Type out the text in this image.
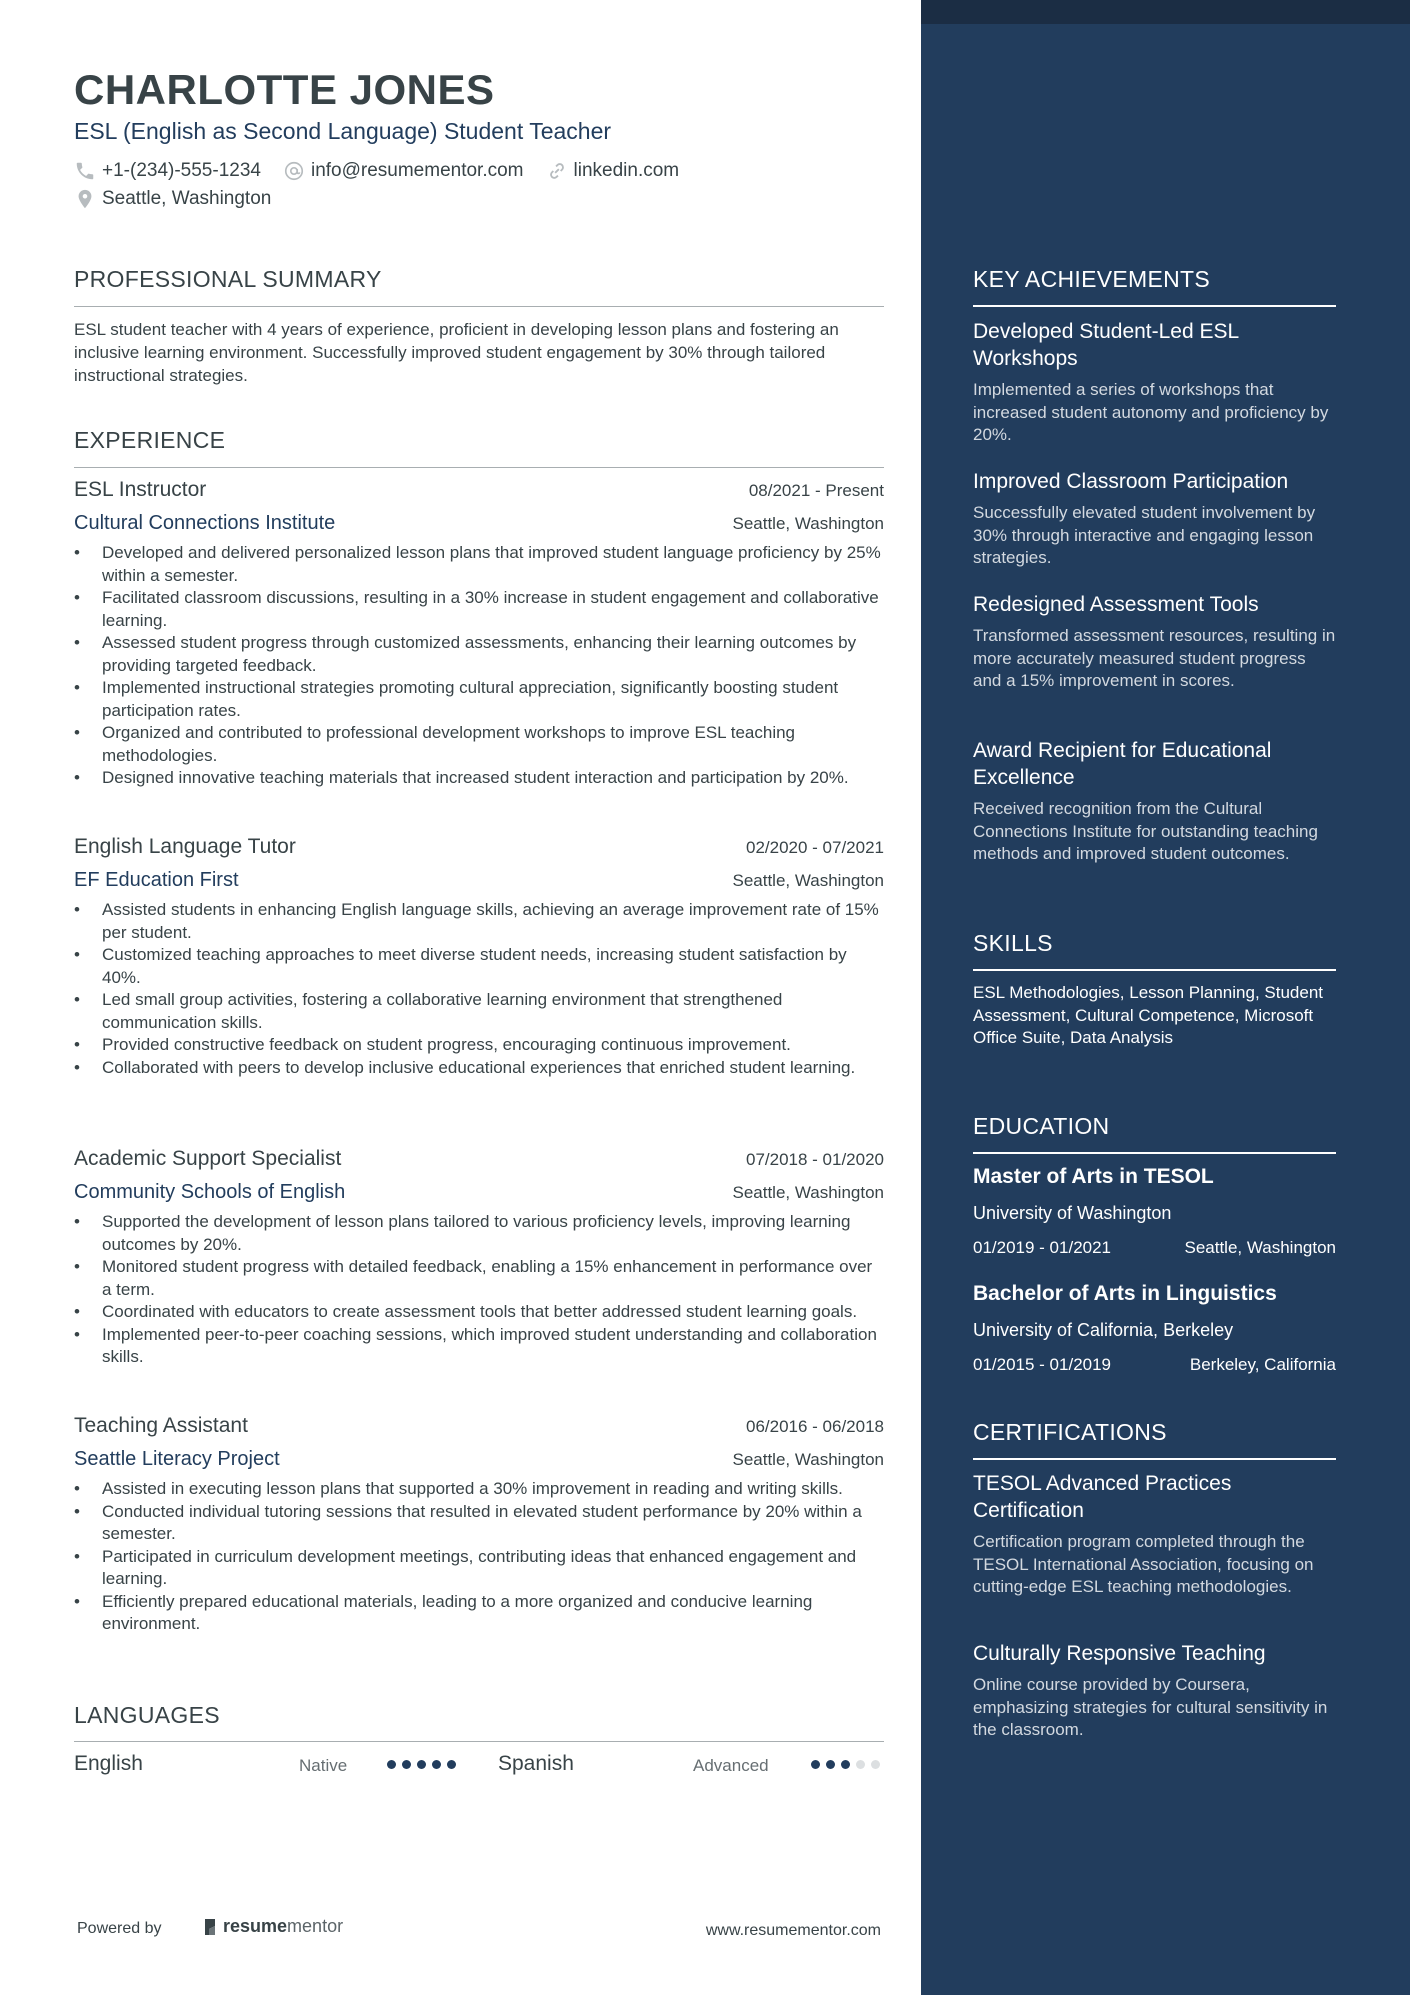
CHARLOTTE JONES
ESL (English as Second Language) Student Teacher
+1-(234)-555-1234	info@resumementor.com	linkedin.com
Seattle, Washington
PROFESSIONAL SUMMARY
ESL student teacher with 4 years of experience, proficient in developing lesson plans and fostering an inclusive learning environment. Successfully improved student engagement by 30% through tailored instructional strategies.
EXPERIENCE
ESL Instructor	08/2021 - Present
Cultural Connections Institute	Seattle, Washington
• Developed and delivered personalized lesson plans that improved student language proficiency by 25% within a semester.
• Facilitated classroom discussions, resulting in a 30% increase in student engagement and collaborative learning.
• Assessed student progress through customized assessments, enhancing their learning outcomes by providing targeted feedback.
• Implemented instructional strategies promoting cultural appreciation, significantly boosting student participation rates.
• Organized and contributed to professional development workshops to improve ESL teaching methodologies.
• Designed innovative teaching materials that increased student interaction and participation by 20%.
English Language Tutor	02/2020 - 07/2021
EF Education First	Seattle, Washington
• Assisted students in enhancing English language skills, achieving an average improvement rate of 15% per student.
• Customized teaching approaches to meet diverse student needs, increasing student satisfaction by 40%.
• Led small group activities, fostering a collaborative learning environment that strengthened communication skills.
• Provided constructive feedback on student progress, encouraging continuous improvement.
• Collaborated with peers to develop inclusive educational experiences that enriched student learning.
Academic Support Specialist	07/2018 - 01/2020
Community Schools of English	Seattle, Washington
• Supported the development of lesson plans tailored to various proficiency levels, improving learning outcomes by 20%.
• Monitored student progress with detailed feedback, enabling a 15% enhancement in performance over a term.
• Coordinated with educators to create assessment tools that better addressed student learning goals.
• Implemented peer-to-peer coaching sessions, which improved student understanding and collaboration skills.
Teaching Assistant	06/2016 - 06/2018
Seattle Literacy Project	Seattle, Washington
• Assisted in executing lesson plans that supported a 30% improvement in reading and writing skills.
• Conducted individual tutoring sessions that resulted in elevated student performance by 20% within a semester.
• Participated in curriculum development meetings, contributing ideas that enhanced engagement and learning.
• Efficiently prepared educational materials, leading to a more organized and conducive learning environment.
LANGUAGES
English	Native	Spanish	Advanced
Powered by	resume mentor	www.resumementor.com
KEY ACHIEVEMENTS
Developed Student-Led ESL Workshops
Implemented a series of workshops that increased student autonomy and proficiency by 20%.
Improved Classroom Participation
Successfully elevated student involvement by 30% through interactive and engaging lesson strategies.
Redesigned Assessment Tools
Transformed assessment resources, resulting in more accurately measured student progress and a 15% improvement in scores.
Award Recipient for Educational Excellence
Received recognition from the Cultural Connections Institute for outstanding teaching methods and improved student outcomes.
SKILLS
ESL Methodologies, Lesson Planning, Student Assessment, Cultural Competence, Microsoft Office Suite, Data Analysis
EDUCATION
Master of Arts in TESOL
University of Washington
01/2019 - 01/2021	Seattle, Washington
Bachelor of Arts in Linguistics
University of California, Berkeley
01/2015 - 01/2019	Berkeley, California
CERTIFICATIONS
TESOL Advanced Practices Certification
Certification program completed through the TESOL International Association, focusing on cutting-edge ESL teaching methodologies.
Culturally Responsive Teaching
Online course provided by Coursera, emphasizing strategies for cultural sensitivity in the classroom.
